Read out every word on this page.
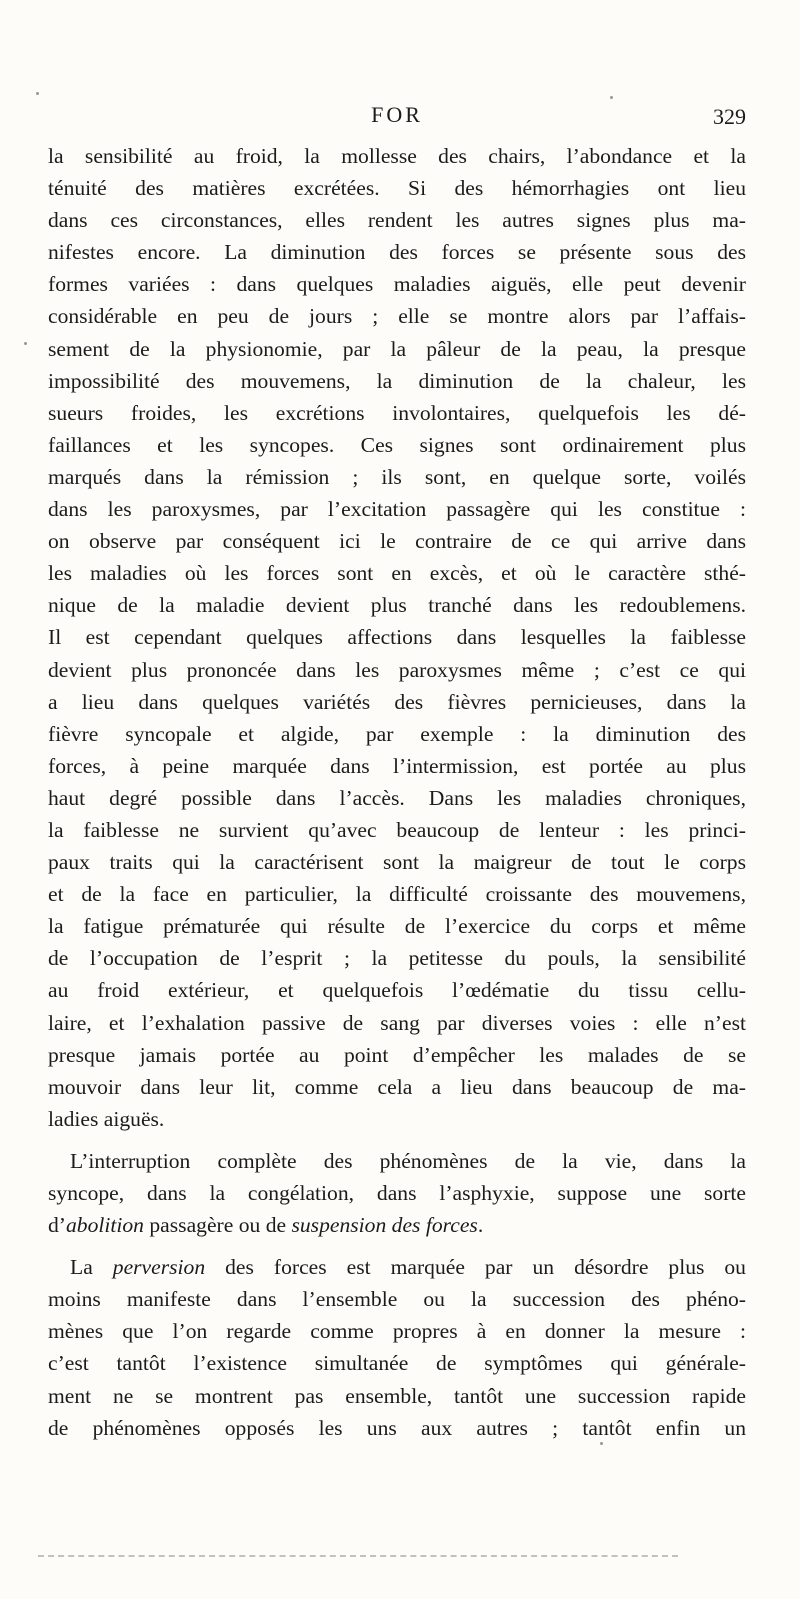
FOR	329
la sensibilité au froid, la mollesse des chairs, l’abondance et la
ténuité des matières excrétées. Si des hémorrhagies ont lieu
dans ces circonstances, elles rendent les autres signes plus ma-
nifestes encore. La diminution des forces se présente sous des
formes variées : dans quelques maladies aiguës, elle peut devenir
considérable en peu de jours ; elle se montre alors par l’affais-
sement de la physionomie, par la pâleur de la peau, la presque
impossibilité des mouvemens, la diminution de la chaleur, les
sueurs froides, les excrétions involontaires, quelquefois les dé-
faillances et les syncopes. Ces signes sont ordinairement plus
marqués dans la rémission ; ils sont, en quelque sorte, voilés
dans les paroxysmes, par l’excitation passagère qui les constitue :
on observe par conséquent ici le contraire de ce qui arrive dans
les maladies où les forces sont en excès, et où le caractère sthé-
nique de la maladie devient plus tranché dans les redoublemens.
Il est cependant quelques affections dans lesquelles la faiblesse
devient plus prononcée dans les paroxysmes même ; c’est ce qui
a lieu dans quelques variétés des fièvres pernicieuses, dans la
fièvre syncopale et algide, par exemple : la diminution des
forces, à peine marquée dans l’intermission, est portée au plus
haut degré possible dans l’accès. Dans les maladies chroniques,
la faiblesse ne survient qu’avec beaucoup de lenteur : les princi-
paux traits qui la caractérisent sont la maigreur de tout le corps
et de la face en particulier, la difficulté croissante des mouvemens,
la fatigue prématurée qui résulte de l’exercice du corps et même
de l’occupation de l’esprit ; la petitesse du pouls, la sensibilité
au froid extérieur, et quelquefois l’œdématie du tissu cellu-
laire, et l’exhalation passive de sang par diverses voies : elle n’est
presque jamais portée au point d’empêcher les malades de se
mouvoir dans leur lit, comme cela a lieu dans beaucoup de ma-
ladies aiguës.
L’interruption complète des phénomènes de la vie, dans la
syncope, dans la congélation, dans l’asphyxie, suppose une sorte
d’abolition passagère ou de suspension des forces.
La perversion des forces est marquée par un désordre plus ou
moins manifeste dans l’ensemble ou la succession des phéno-
mènes que l’on regarde comme propres à en donner la mesure :
c’est tantôt l’existence simultanée de symptômes qui générale-
ment ne se montrent pas ensemble, tantôt une succession rapide
de phénomènes opposés les uns aux autres ; tantôt enfin un
